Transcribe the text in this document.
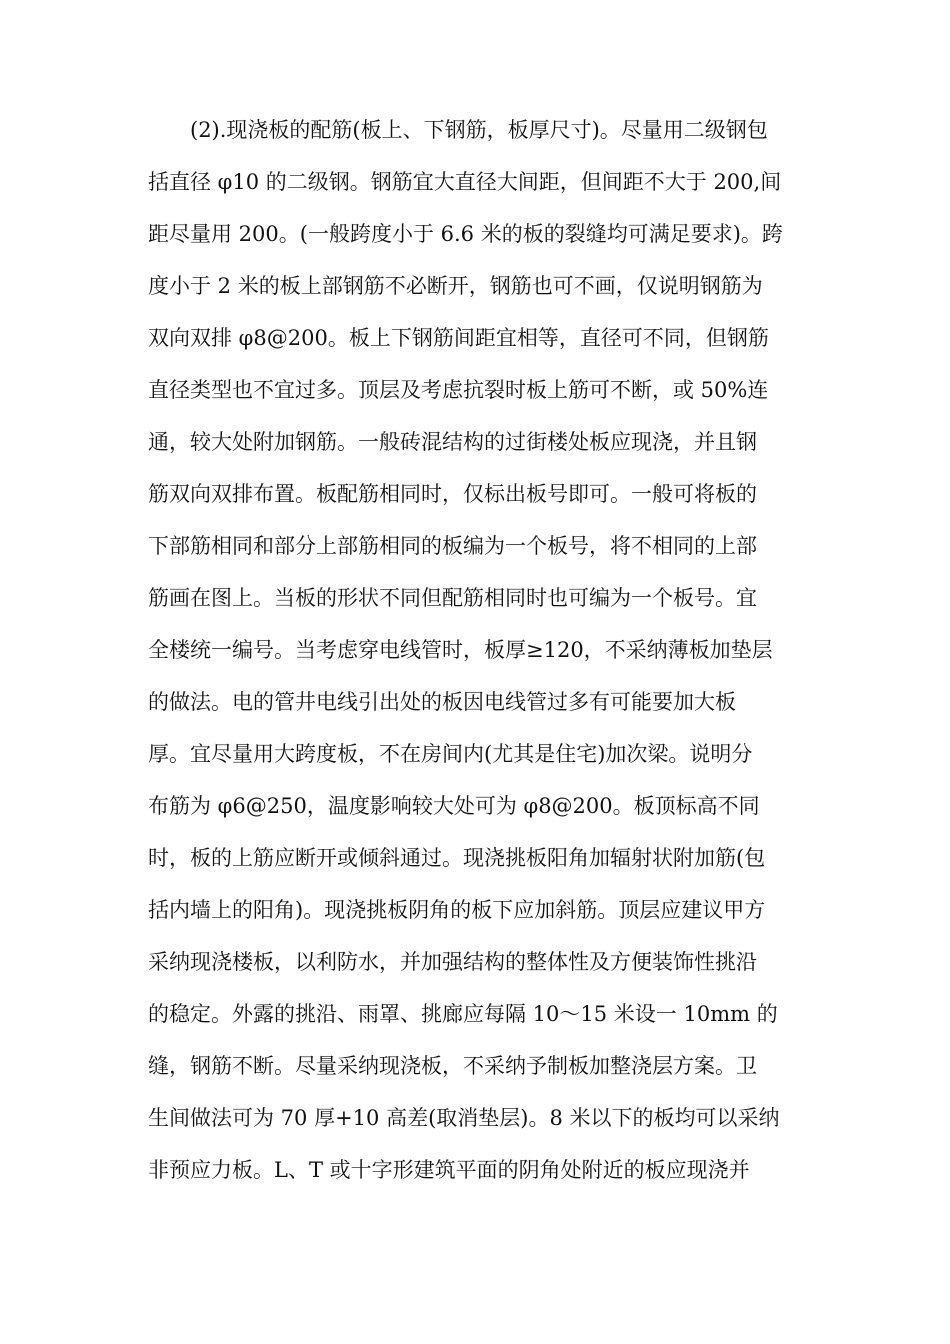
(2).现浇板的配筋(板上、下钢筋，板厚尺寸)。尽量用二级钢包
括直径 φ10 的二级钢。钢筋宜大直径大间距，但间距不大于 200,间
距尽量用 200。(一般跨度小于 6.6 米的板的裂缝均可满足要求)。跨
度小于 2 米的板上部钢筋不必断开，钢筋也可不画，仅说明钢筋为
双向双排 φ8@200。板上下钢筋间距宜相等，直径可不同，但钢筋
直径类型也不宜过多。顶层及考虑抗裂时板上筋可不断，或 50%连
通，较大处附加钢筋。一般砖混结构的过街楼处板应现浇，并且钢
筋双向双排布置。板配筋相同时，仅标出板号即可。一般可将板的
下部筋相同和部分上部筋相同的板编为一个板号，将不相同的上部
筋画在图上。当板的形状不同但配筋相同时也可编为一个板号。宜
全楼统一编号。当考虑穿电线管时，板厚≥120，不采纳薄板加垫层
的做法。电的管井电线引出处的板因电线管过多有可能要加大板
厚。宜尽量用大跨度板，不在房间内(尤其是住宅)加次梁。说明分
布筋为 φ6@250，温度影响较大处可为 φ8@200。板顶标高不同
时，板的上筋应断开或倾斜通过。现浇挑板阳角加辐射状附加筋(包
括内墙上的阳角)。现浇挑板阴角的板下应加斜筋。顶层应建议甲方
采纳现浇楼板，以利防水，并加强结构的整体性及方便装饰性挑沿
的稳定。外露的挑沿、雨罩、挑廊应每隔 10～15 米设一 10mm 的
缝，钢筋不断。尽量采纳现浇板，不采纳予制板加整浇层方案。卫
生间做法可为 70 厚+10 高差(取消垫层)。8 米以下的板均可以采纳
非预应力板。L、T 或十字形建筑平面的阴角处附近的板应现浇并
